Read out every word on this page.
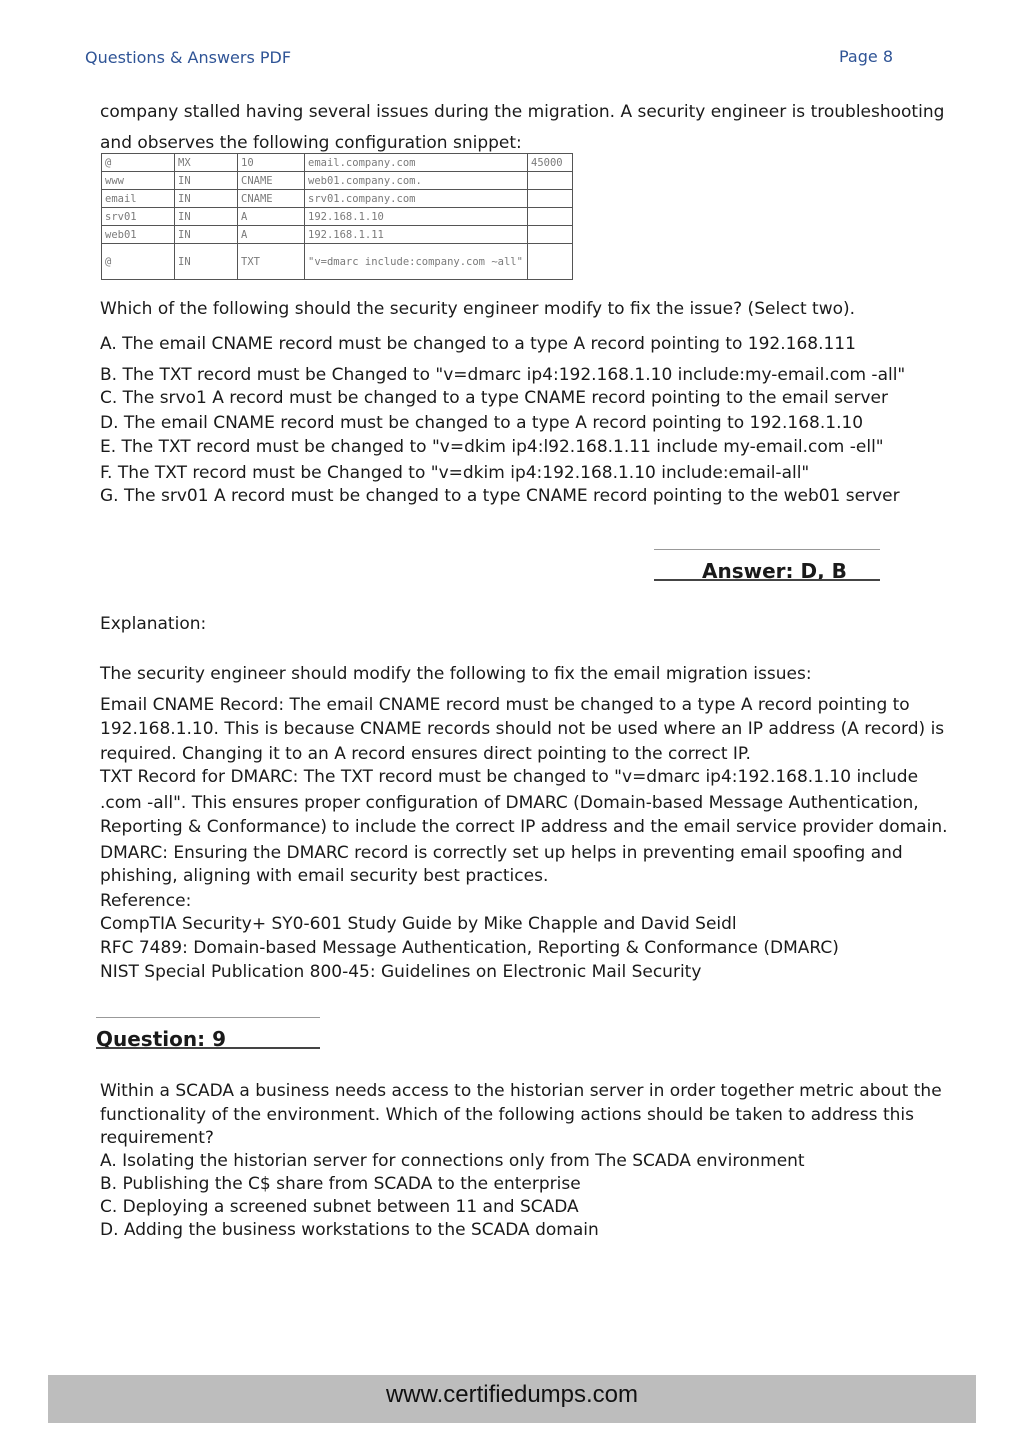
Questions & Answers PDF	Page 8
company stalled having several issues during the migration. A security engineer is troubleshooting
and observes the following configuration snippet:
@	MX	10	email.company.com	45000
www	IN	CNAME	web01.company.com.	
email	IN	CNAME	srv01.company.com	
srv01	IN	A	192.168.1.10	
web01	IN	A	192.168.1.11	
@	IN	TXT	"v=dmarc include:company.com ~all"	
Which of the following should the security engineer modify to fix the issue? (Select two).
A. The email CNAME record must be changed to a type A record pointing to 192.168.111
B. The TXT record must be Changed to "v=dmarc ip4:192.168.1.10 include:my-email.com -all"
C. The srvo1 A record must be changed to a type CNAME record pointing to the email server
D. The email CNAME record must be changed to a type A record pointing to 192.168.1.10
E. The TXT record must be changed to "v=dkim ip4:l92.168.1.11 include my-email.com -ell"
F. The TXT record must be Changed to "v=dkim ip4:192.168.1.10 include:email-all"
G. The srv01 A record must be changed to a type CNAME record pointing to the web01 server
Answer: D, B
Explanation:
The security engineer should modify the following to fix the email migration issues:
Email CNAME Record: The email CNAME record must be changed to a type A record pointing to
192.168.1.10. This is because CNAME records should not be used where an IP address (A record) is
required. Changing it to an A record ensures direct pointing to the correct IP.
TXT Record for DMARC: The TXT record must be changed to "v=dmarc ip4:192.168.1.10 include
.com -all". This ensures proper configuration of DMARC (Domain-based Message Authentication,
Reporting & Conformance) to include the correct IP address and the email service provider domain.
DMARC: Ensuring the DMARC record is correctly set up helps in preventing email spoofing and
phishing, aligning with email security best practices.
Reference:
CompTIA Security+ SY0-601 Study Guide by Mike Chapple and David Seidl
RFC 7489: Domain-based Message Authentication, Reporting & Conformance (DMARC)
NIST Special Publication 800-45: Guidelines on Electronic Mail Security
Question: 9
Within a SCADA a business needs access to the historian server in order together metric about the
functionality of the environment. Which of the following actions should be taken to address this
requirement?
A. Isolating the historian server for connections only from The SCADA environment
B. Publishing the C$ share from SCADA to the enterprise
C. Deploying a screened subnet between 11 and SCADA
D. Adding the business workstations to the SCADA domain
www.certifiedumps.com
